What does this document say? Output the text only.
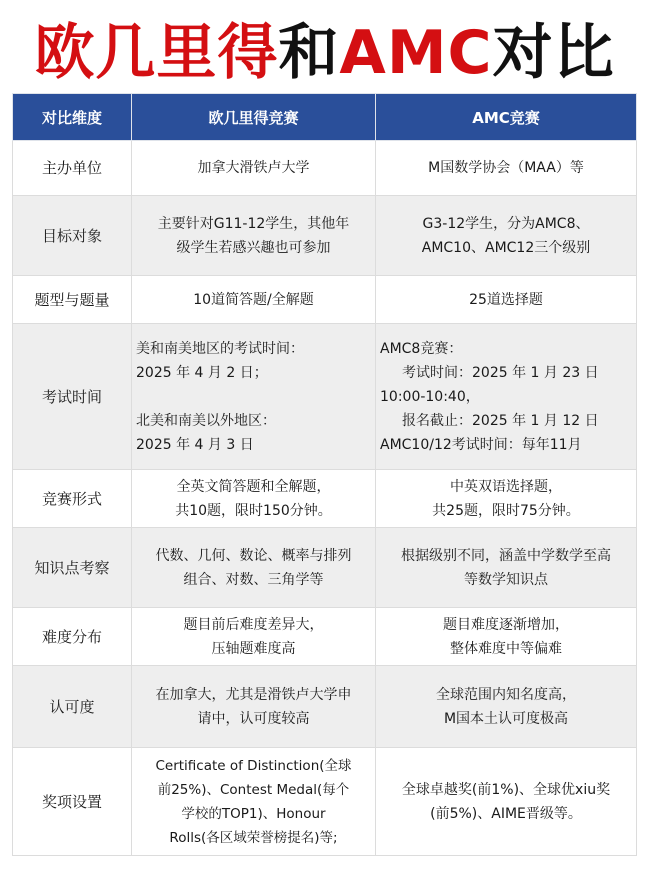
欧几里得和AMC对比
对比维度	欧几里得竞赛	AMC竞赛
主办单位	加拿大滑铁卢大学	M国数学协会（MAA）等

目标对象	主要针对G11-12学生，其他年
级学生若感兴趣也可参加	G3-12学生，分为AMC8、
AMC10、AMC12三个级别

题型与题量	10道简答题/全解题	25道选择题

考试时间	美和南美地区的考试时间：
2025 年 4 月 2 日；
北美和南美以外地区：
2025 年 4 月 3 日	AMC8竞赛：
考试时间：2025 年 1 月 23 日
10:00-10:40，
报名截止：2025 年 1 月 12 日
AMC10/12考试时间：每年11月

竞赛形式	全英文简答题和全解题，
共10题，限时150分钟。	中英双语选择题，
共25题，限时75分钟。

知识点考察	代数、几何、数论、概率与排列
组合、对数、三角学等	根据级别不同，涵盖中学数学至高
等数学知识点

难度分布	题目前后难度差异大，
压轴题难度高	题目难度逐渐增加，
整体难度中等偏难

认可度	在加拿大，尤其是滑铁卢大学申
请中，认可度较高	全球范围内知名度高，
M国本土认可度极高

奖项设置	Certificate of Distinction(全球
前25%)、Contest Medal(每个
学校的TOP1)、Honour
Rolls(各区域荣誉榜提名)等;	全球卓越奖(前1%)、全球优xiu奖
(前5%)、AIME晋级等。
